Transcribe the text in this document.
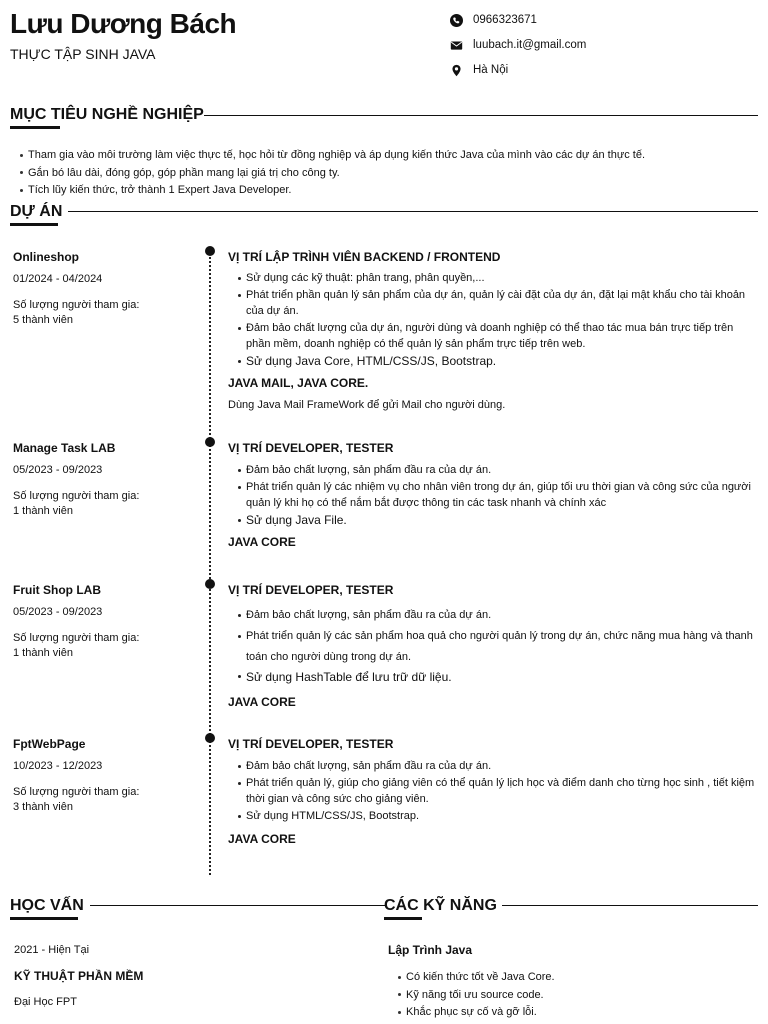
Lưu Dương Bách
THỰC TẬP SINH JAVA
0966323671
luubach.it@gmail.com
Hà Nội
MỤC TIÊU NGHỀ NGHIỆP
Tham gia vào môi trường làm việc thực tế, học hỏi từ đồng nghiệp và áp dụng kiến thức Java của mình vào các dự án thực tế.
Gắn bó lâu dài, đóng góp, góp phần mang lại giá trị cho công ty.
Tích lũy kiến thức, trở thành 1 Expert Java Developer.
DỰ ÁN
Onlineshop
01/2024 - 04/2024
Số lượng người tham gia:
5 thành viên
VỊ TRÍ LẬP TRÌNH VIÊN BACKEND / FRONTEND
Sử dụng các kỹ thuật: phân trang, phân quyền,...
Phát triển phần quản lý sản phẩm của dự án, quản lý cài đặt của dự án, đặt lại mật khẩu cho tài khoản của dự án.
Đảm bảo chất lượng của dự án, người dùng và doanh nghiệp có thể thao tác mua bán trực tiếp trên phần mềm, doanh nghiệp có thể quản lý sản phẩm trực tiếp trên web.
Sử dụng Java Core, HTML/CSS/JS, Bootstrap.
JAVA MAIL, JAVA CORE.
Dùng Java Mail FrameWork để gửi Mail cho người dùng.
Manage Task LAB
05/2023 - 09/2023
Số lượng người tham gia:
1 thành viên
VỊ TRÍ DEVELOPER, TESTER
Đảm bảo chất lượng, sản phẩm đầu ra của dự án.
Phát triển quản lý các nhiệm vụ cho nhân viên trong dự án, giúp tối ưu thời gian và công sức của người quản lý khi họ có thể nắm bắt được thông tin các task nhanh và chính xác
Sử dụng Java File.
JAVA CORE
Fruit Shop LAB
05/2023 - 09/2023
Số lượng người tham gia:
1 thành viên
VỊ TRÍ DEVELOPER, TESTER
Đảm bảo chất lượng, sản phẩm đầu ra của dự án.
Phát triển quản lý các sản phẩm hoa quả cho người quản lý trong dự án, chức năng mua hàng và thanh toán cho người dùng trong dự án.
Sử dụng HashTable để lưu trữ dữ liệu.
JAVA CORE
FptWebPage
10/2023 - 12/2023
Số lượng người tham gia:
3 thành viên
VỊ TRÍ DEVELOPER, TESTER
Đảm bảo chất lượng, sản phẩm đầu ra của dự án.
Phát triển quản lý, giúp cho giảng viên có thể quản lý lịch học và điểm danh cho từng học sinh , tiết kiệm thời gian và công sức cho giảng viên.
Sử dụng HTML/CSS/JS, Bootstrap.
JAVA CORE
HỌC VẤN
2021 - Hiện Tại
KỸ THUẬT PHẦN MỀM
Đại Học FPT
CÁC KỸ NĂNG
Lập Trình Java
Có kiến thức tốt về Java Core.
Kỹ năng tối ưu source code.
Khắc phục sự cố và gỡ lỗi.
